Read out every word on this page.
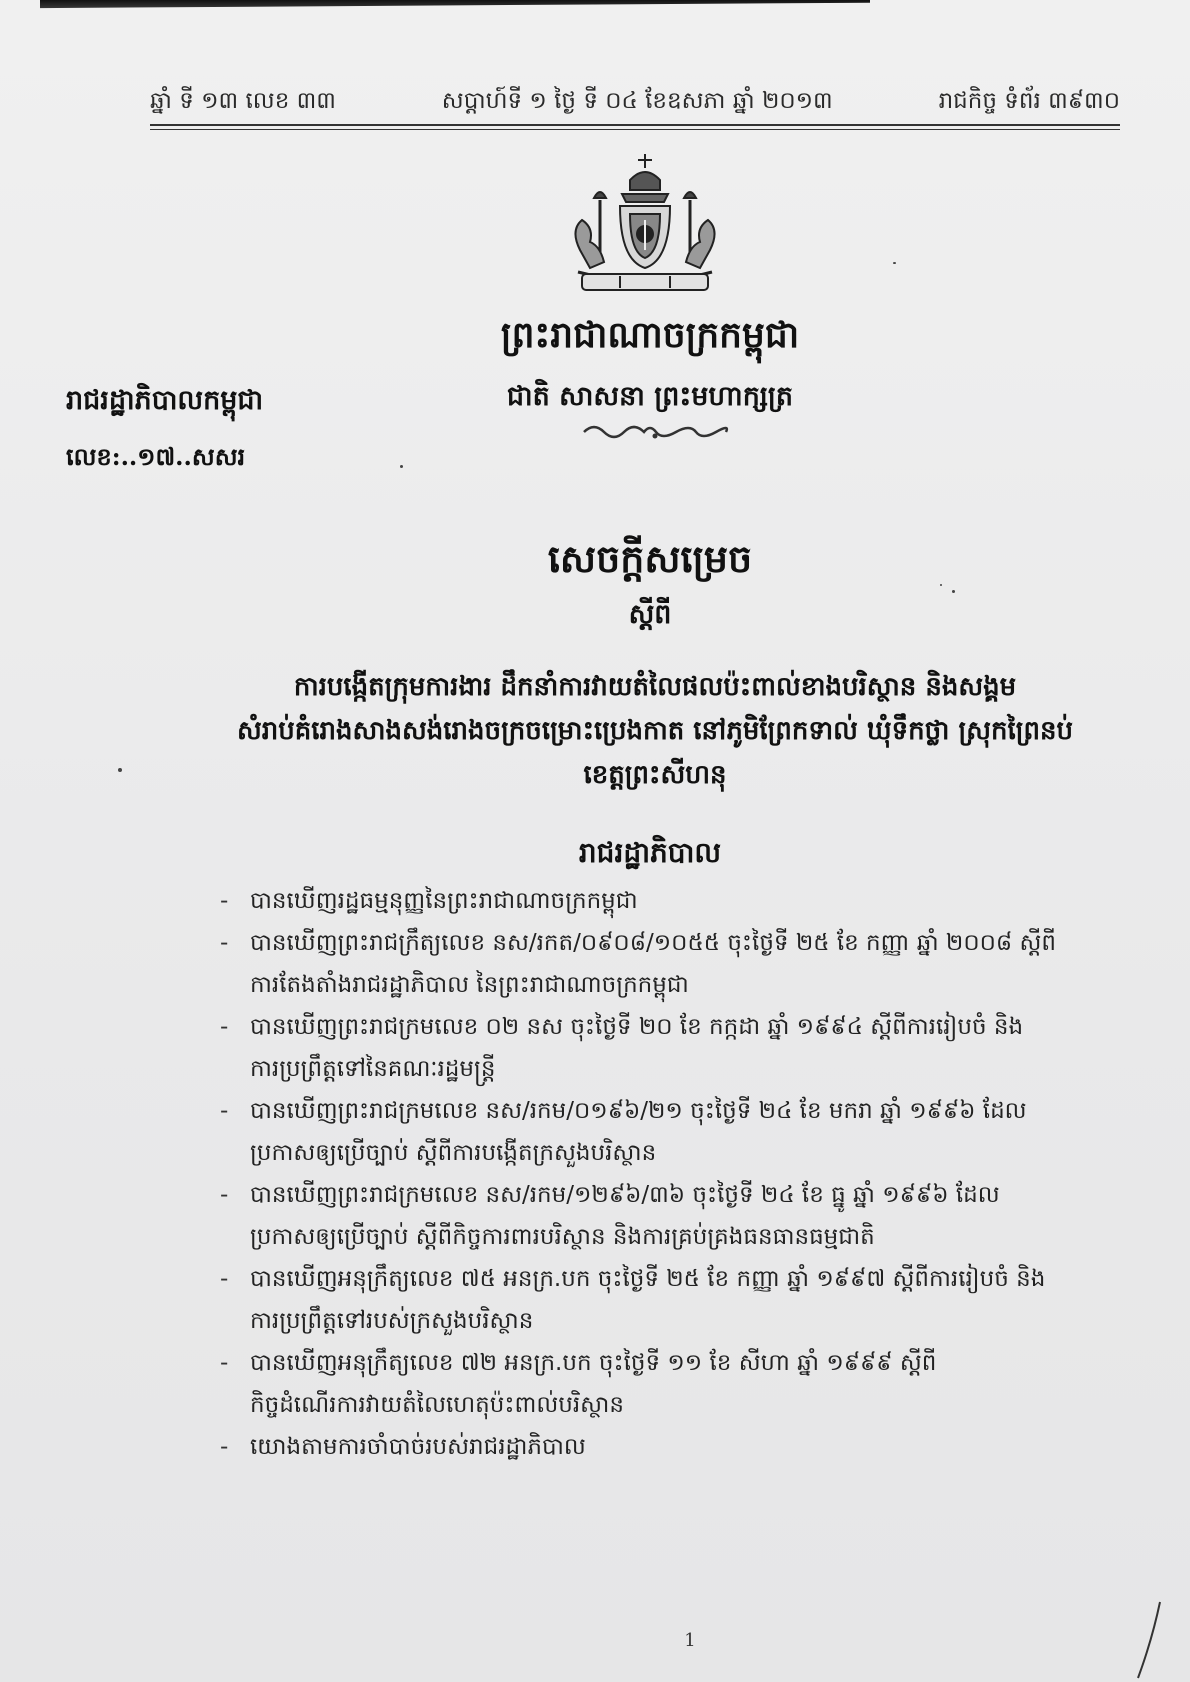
ឆ្នាំ ទី ១៣ លេខ ៣៣	សប្តាហ៍ទី ១ ថ្ងៃ ទី ០៤ ខែឧសភា ឆ្នាំ ២០១៣	រាជកិច្ច ទំព័រ ៣៩៣០
ព្រះរាជាណាចក្រកម្ពុជា
ជាតិ សាសនា ព្រះមហាក្សត្រ
រាជរដ្ឋាភិបាលកម្ពុជា
លេខ:..១៧..សសរ
សេចក្តីសម្រេច
ស្តីពី
ការបង្កើតក្រុមការងារ ដឹកនាំការវាយតំលៃផលប៉ះពាល់ខាងបរិស្ថាន និងសង្គម
សំរាប់គំរោងសាងសង់រោងចក្រចម្រោះប្រេងកាត នៅភូមិព្រែកទាល់ ឃុំទឹកថ្លា ស្រុកព្រៃនប់
ខេត្តព្រះសីហនុ
រាជរដ្ឋាភិបាល
- បានឃើញរដ្ឋធម្មនុញ្ញនៃព្រះរាជាណាចក្រកម្ពុជា
- បានឃើញព្រះរាជក្រឹត្យលេខ នស/រកត/០៩០៨/១០៥៥ ចុះថ្ងៃទី ២៥ ខែ កញ្ញា ឆ្នាំ ២០០៨ ស្តីពី
ការតែងតាំងរាជរដ្ឋាភិបាល នៃព្រះរាជាណាចក្រកម្ពុជា
- បានឃើញព្រះរាជក្រមលេខ ០២ នស ចុះថ្ងៃទី ២០ ខែ កក្កដា ឆ្នាំ ១៩៩៤ ស្តីពីការរៀបចំ និង
ការប្រព្រឹត្តទៅនៃគណៈរដ្ឋមន្ត្រី
- បានឃើញព្រះរាជក្រមលេខ នស/រកម/០១៩៦/២១ ចុះថ្ងៃទី ២៤ ខែ មករា ឆ្នាំ ១៩៩៦ ដែល
ប្រកាសឲ្យប្រើច្បាប់ ស្តីពីការបង្កើតក្រសួងបរិស្ថាន
- បានឃើញព្រះរាជក្រមលេខ នស/រកម/១២៩៦/៣៦ ចុះថ្ងៃទី ២៤ ខែ ធ្នូ ឆ្នាំ ១៩៩៦ ដែល
ប្រកាសឲ្យប្រើច្បាប់ ស្តីពីកិច្ចការពារបរិស្ថាន និងការគ្រប់គ្រងធនធានធម្មជាតិ
- បានឃើញអនុក្រឹត្យលេខ ៧៥ អនក្រ.បក ចុះថ្ងៃទី ២៥ ខែ កញ្ញា ឆ្នាំ ១៩៩៧ ស្តីពីការរៀបចំ និង
ការប្រព្រឹត្តទៅរបស់ក្រសួងបរិស្ថាន
- បានឃើញអនុក្រឹត្យលេខ ៧២ អនក្រ.បក ចុះថ្ងៃទី ១១ ខែ សីហា ឆ្នាំ ១៩៩៩ ស្តីពី
កិច្ចដំណើរការវាយតំលៃហេតុប៉ះពាល់បរិស្ថាន
- យោងតាមការចាំបាច់របស់រាជរដ្ឋាភិបាល
1
